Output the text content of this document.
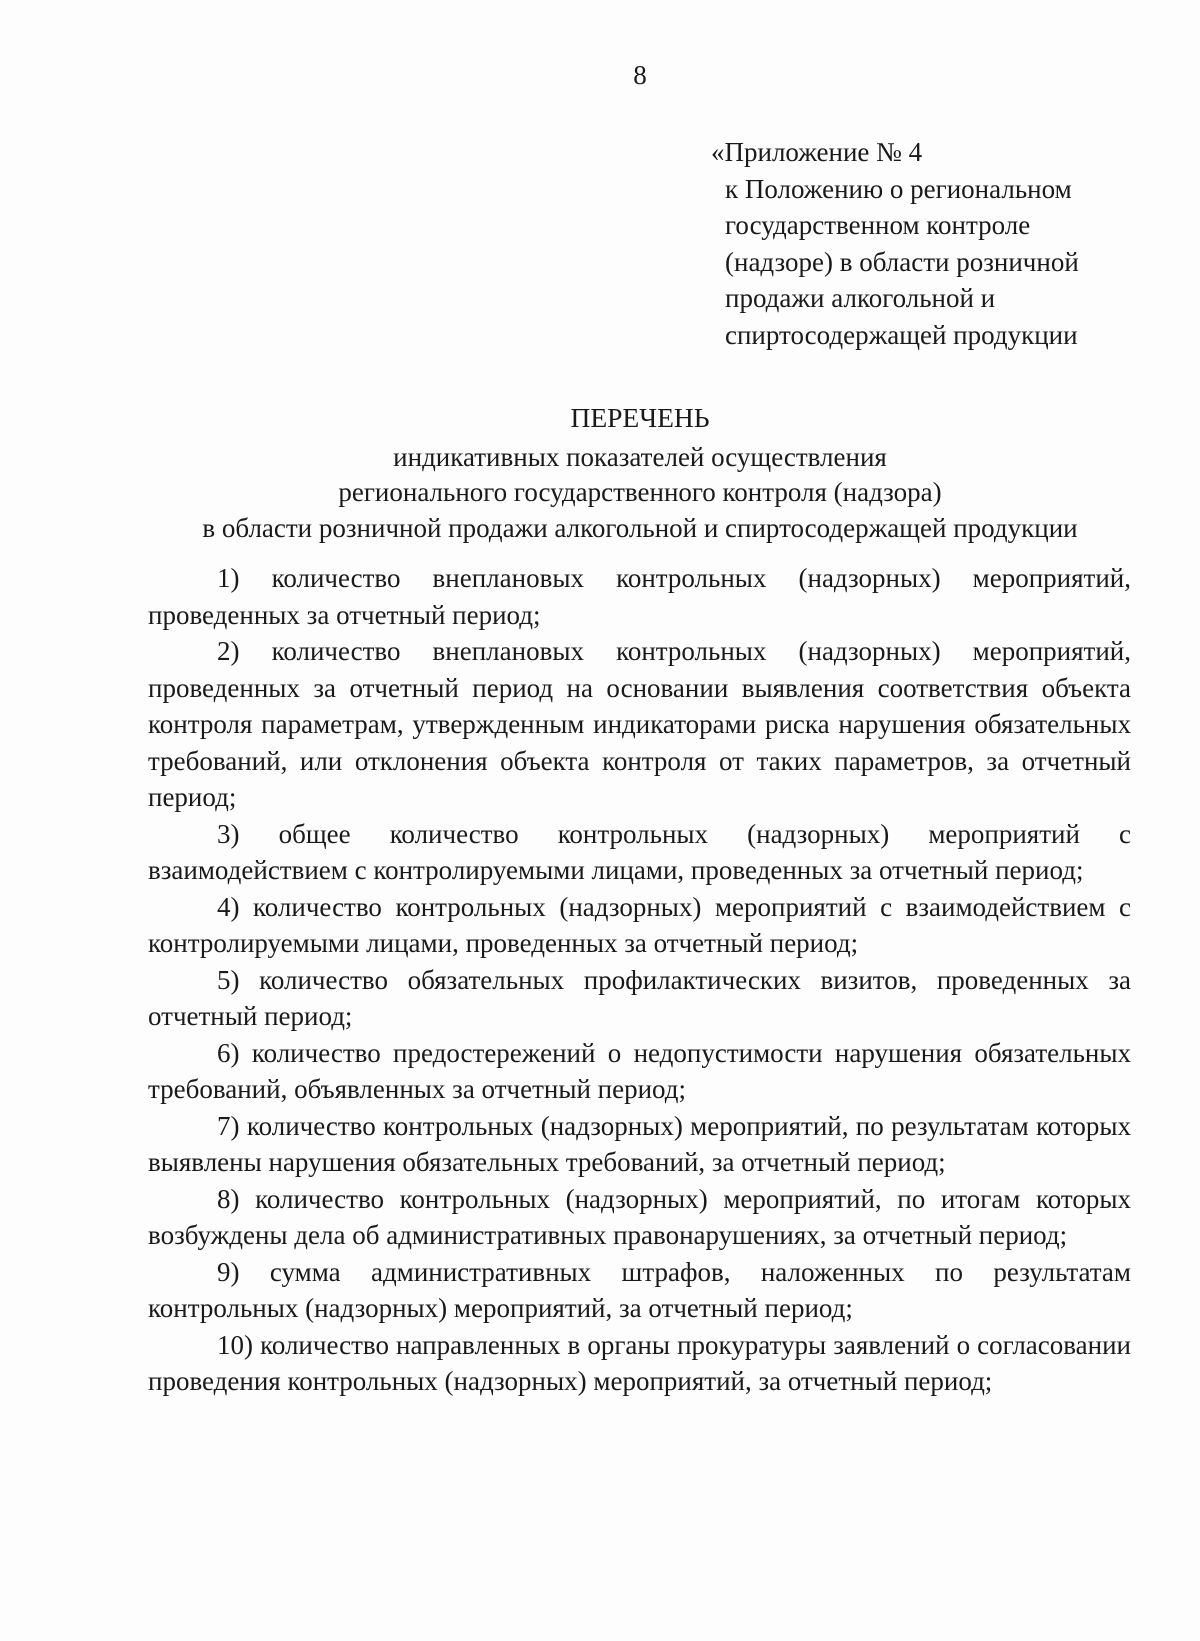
8
«Приложение № 4
к Положению о региональном
государственном контроле
(надзоре) в области розничной
продажи алкогольной и
спиртосодержащей продукции
ПЕРЕЧЕНЬ
индикативных показателей осуществления
регионального государственного контроля (надзора)
в области розничной продажи алкогольной и спиртосодержащей продукции

1) количество внеплановых контрольных (надзорных) мероприятий, проведенных за отчетный период;

2) количество внеплановых контрольных (надзорных) мероприятий, проведенных за отчетный период на основании выявления соответствия объекта контроля параметрам, утвержденным индикаторами риска нарушения обязательных требований, или отклонения объекта контроля от таких параметров, за отчетный период;

3) общее количество контрольных (надзорных) мероприятий с взаимодействием с контролируемыми лицами, проведенных за отчетный период;

4) количество контрольных (надзорных) мероприятий с взаимодействием с контролируемыми лицами, проведенных за отчетный период;

5) количество обязательных профилактических визитов, проведенных за отчетный период;

6) количество предостережений о недопустимости нарушения обязательных требований, объявленных за отчетный период;

7) количество контрольных (надзорных) мероприятий, по результатам которых выявлены нарушения обязательных требований, за отчетный период;

8) количество контрольных (надзорных) мероприятий, по итогам которых возбуждены дела об административных правонарушениях, за отчетный период;

9) сумма административных штрафов, наложенных по результатам контрольных (надзорных) мероприятий, за отчетный период;

10) количество направленных в органы прокуратуры заявлений о согласовании проведения контрольных (надзорных) мероприятий, за отчетный период;
